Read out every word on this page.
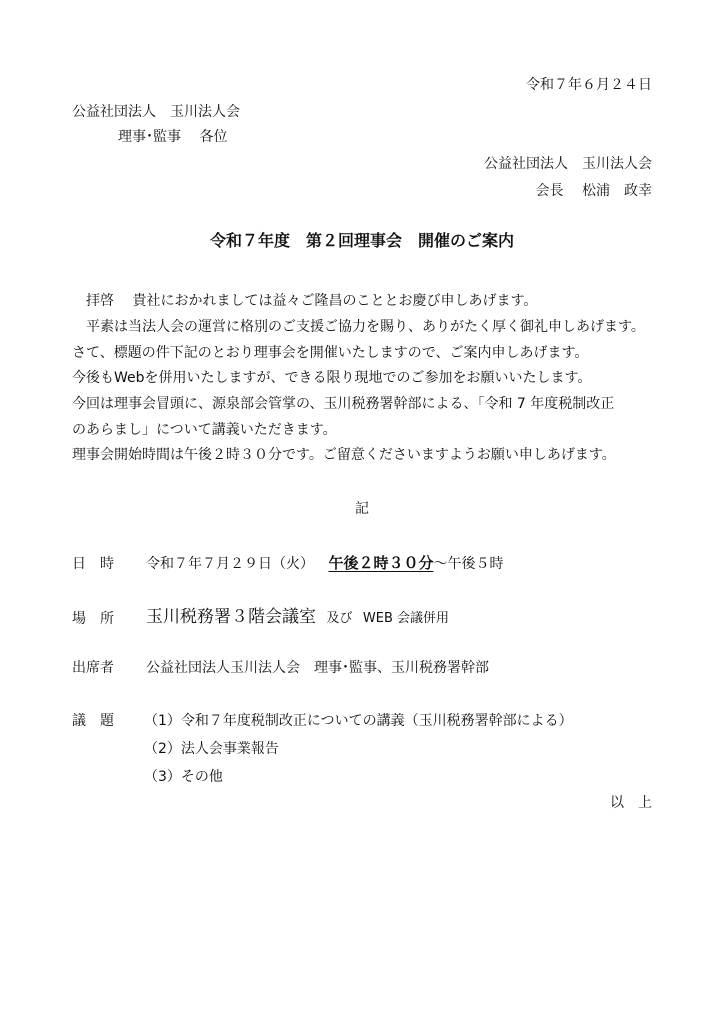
令和７年６月２４日
公益社団法人　玉川法人会
理事･監事　 各位
公益社団法人　玉川法人会
会長　 松浦　政幸
令和７年度　第２回理事会　開催のご案内
拝啓　 貴社におかれましては益々ご隆昌のこととお慶び申しあげます。
平素は当法人会の運営に格別のご支援ご協力を賜り、ありがたく厚く御礼申しあげます。
さて、標題の件下記のとおり理事会を開催いたしますので、ご案内申しあげます。
今後もWebを併用いたしますが、できる限り現地でのご参加をお願いいたします。
今回は理事会冒頭に、源泉部会管掌の、玉川税務署幹部による、「令和 7 年度税制改正
のあらまし」について講義いただきます。
理事会開始時間は午後２時３０分です。ご留意くださいますようお願い申しあげます。
記
日　時 令和７年７月２９日（火） 午後２時３０分～午後５時
場　所 玉川税務署３階会議室 及び WEB 会議併用
出席者 公益社団法人玉川法人会　理事･監事、玉川税務署幹部
議　題 （1）令和７年度税制改正についての講義（玉川税務署幹部による）
（2）法人会事業報告
（3）その他
以　上
